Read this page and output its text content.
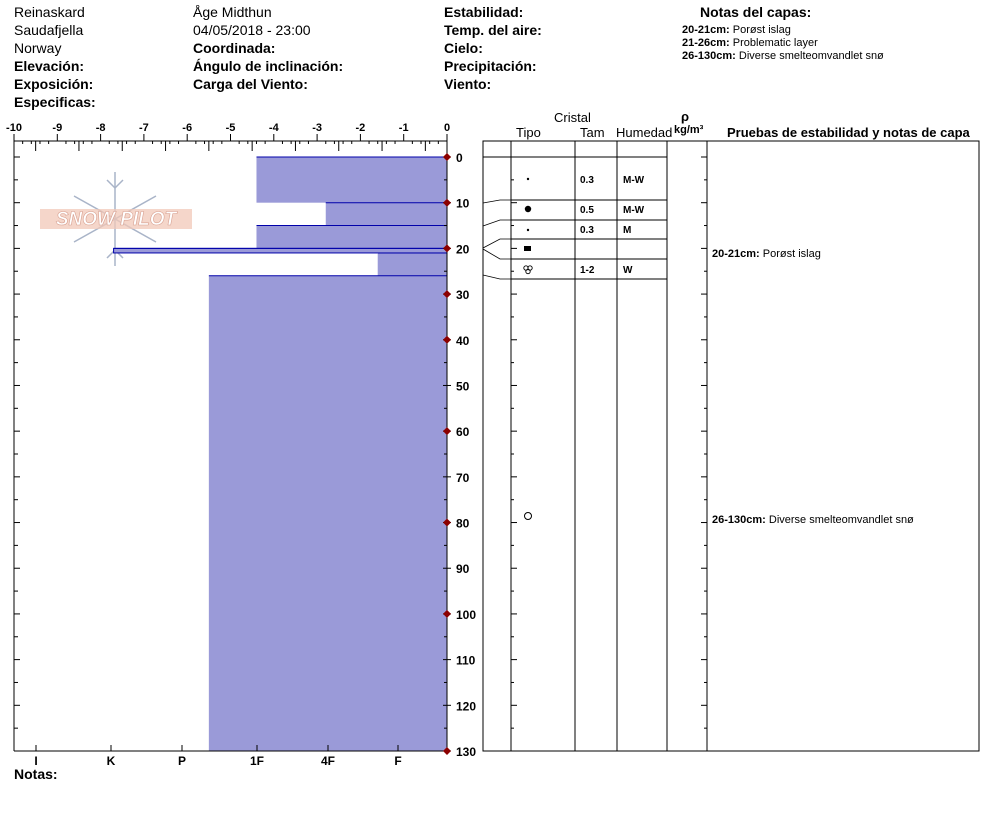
Reinaskard
Saudafjella
Norway
Elevación:
Exposición:
Especificas:
Åge Midthun
04/05/2018 - 23:00
Coordinada:
Ángulo de inclinación:
Carga del Viento:
Estabilidad:
Temp. del aire:
Cielo:
Precipitación:
Viento:
Notas del capas:
20-21cm: Porøst islag
21-26cm: Problematic layer
26-130cm: Diverse smelteomvandlet snø
SNOW PILOT
-10	-9	-8	-7	-6	-5	-4	-3	-2	-1	0
0
10
20
30
40
50
60
70
80
90
100
110
120
130
I	K	P	1F	4F	F
Cristal
Tipo	Tam Humedad
ρ
kg/m³ Pruebas de estabilidad y notas de capa
0.3	M-W
0.5	M-W
0.3	M
1-2	W
20-21cm: Porøst islag
26-130cm: Diverse smelteomvandlet snø
Notas:
